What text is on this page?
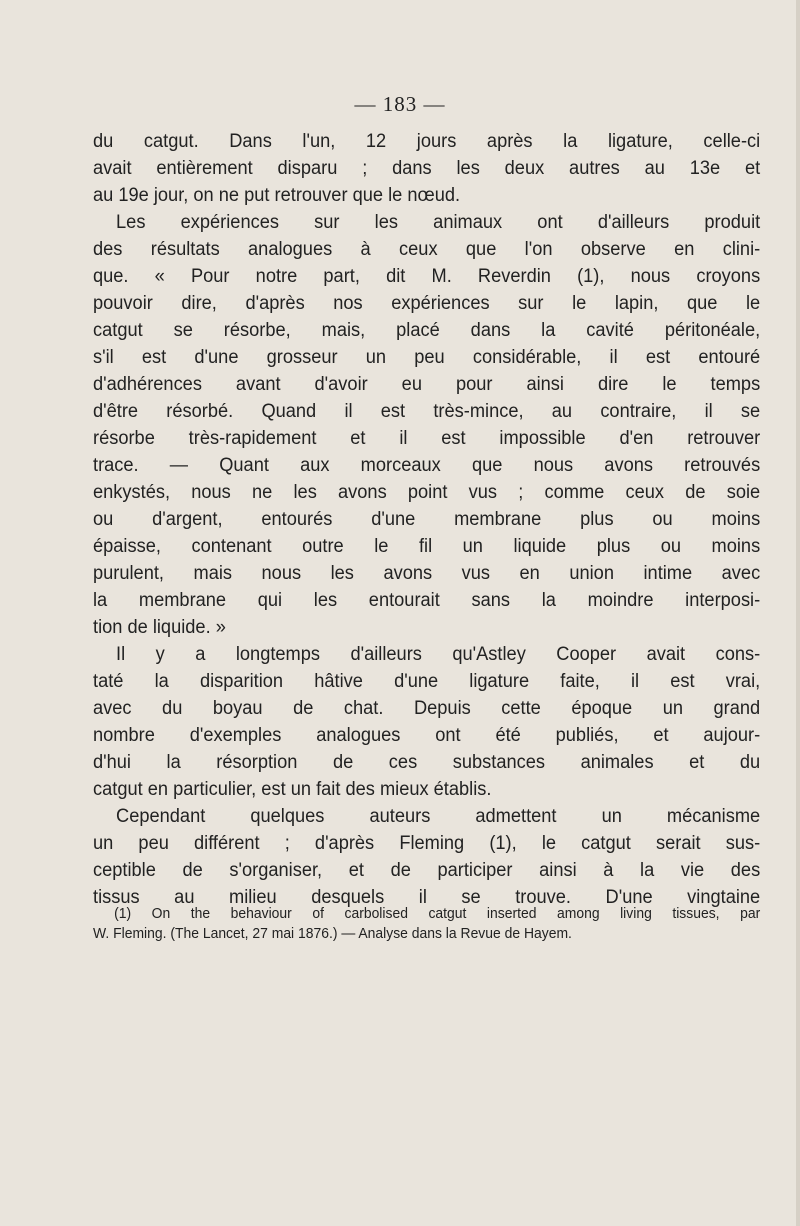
— 183 —
du catgut. Dans l'un, 12 jours après la ligature, celle-ci
avait entièrement disparu ; dans les deux autres au 13e et
au 19e jour, on ne put retrouver que le nœud.
Les expériences sur les animaux ont d'ailleurs produit
des résultats analogues à ceux que l'on observe en clini-
que. « Pour notre part, dit M. Reverdin (1), nous croyons
pouvoir dire, d'après nos expériences sur le lapin, que le
catgut se résorbe, mais, placé dans la cavité péritonéale,
s'il est d'une grosseur un peu considérable, il est entouré
d'adhérences avant d'avoir eu pour ainsi dire le temps
d'être résorbé. Quand il est très-mince, au contraire, il se
résorbe très-rapidement et il est impossible d'en retrouver
trace. — Quant aux morceaux que nous avons retrouvés
enkystés, nous ne les avons point vus ; comme ceux de soie
ou d'argent, entourés d'une membrane plus ou moins
épaisse, contenant outre le fil un liquide plus ou moins
purulent, mais nous les avons vus en union intime avec
la membrane qui les entourait sans la moindre interposi-
tion de liquide. »
Il y a longtemps d'ailleurs qu'Astley Cooper avait cons-
taté la disparition hâtive d'une ligature faite, il est vrai,
avec du boyau de chat. Depuis cette époque un grand
nombre d'exemples analogues ont été publiés, et aujour-
d'hui la résorption de ces substances animales et du
catgut en particulier, est un fait des mieux établis.
Cependant quelques auteurs admettent un mécanisme
un peu différent ; d'après Fleming (1), le catgut serait sus-
ceptible de s'organiser, et de participer ainsi à la vie des
tissus au milieu desquels il se trouve. D'une vingtaine
(1) On the behaviour of carbolised catgut inserted among living tissues, par
W. Fleming. (The Lancet, 27 mai 1876.) — Analyse dans la Revue de Hayem.
